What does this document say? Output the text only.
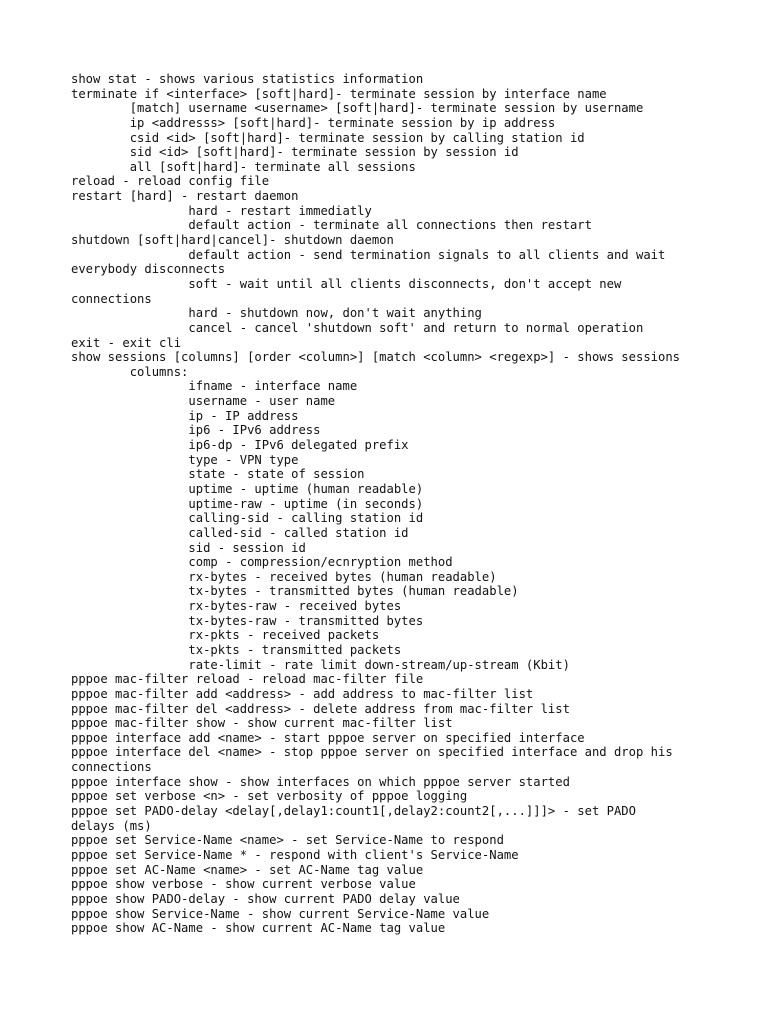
show stat - shows various statistics information
terminate if <interface> [soft|hard]- terminate session by interface name
[match] username <username> [soft|hard]- terminate session by username
ip <addresss> [soft|hard]- terminate session by ip address
csid <id> [soft|hard]- terminate session by calling station id
sid <id> [soft|hard]- terminate session by session id
all [soft|hard]- terminate all sessions
reload - reload config file
restart [hard] - restart daemon
hard - restart immediatly
default action - terminate all connections then restart
shutdown [soft|hard|cancel]- shutdown daemon
default action - send termination signals to all clients and wait
everybody disconnects
soft - wait until all clients disconnects, don't accept new
connections
hard - shutdown now, don't wait anything
cancel - cancel 'shutdown soft' and return to normal operation
exit - exit cli
show sessions [columns] [order <column>] [match <column> <regexp>] - shows sessions
columns:
ifname - interface name
username - user name
ip - IP address
ip6 - IPv6 address
ip6-dp - IPv6 delegated prefix
type - VPN type
state - state of session
uptime - uptime (human readable)
uptime-raw - uptime (in seconds)
calling-sid - calling station id
called-sid - called station id
sid - session id
comp - compression/ecnryption method
rx-bytes - received bytes (human readable)
tx-bytes - transmitted bytes (human readable)
rx-bytes-raw - received bytes
tx-bytes-raw - transmitted bytes
rx-pkts - received packets
tx-pkts - transmitted packets
rate-limit - rate limit down-stream/up-stream (Kbit)
pppoe mac-filter reload - reload mac-filter file
pppoe mac-filter add <address> - add address to mac-filter list
pppoe mac-filter del <address> - delete address from mac-filter list
pppoe mac-filter show - show current mac-filter list
pppoe interface add <name> - start pppoe server on specified interface
pppoe interface del <name> - stop pppoe server on specified interface and drop his
connections
pppoe interface show - show interfaces on which pppoe server started
pppoe set verbose <n> - set verbosity of pppoe logging
pppoe set PADO-delay <delay[,delay1:count1[,delay2:count2[,...]]]> - set PADO
delays (ms)
pppoe set Service-Name <name> - set Service-Name to respond
pppoe set Service-Name * - respond with client's Service-Name
pppoe set AC-Name <name> - set AC-Name tag value
pppoe show verbose - show current verbose value
pppoe show PADO-delay - show current PADO delay value
pppoe show Service-Name - show current Service-Name value
pppoe show AC-Name - show current AC-Name tag value
